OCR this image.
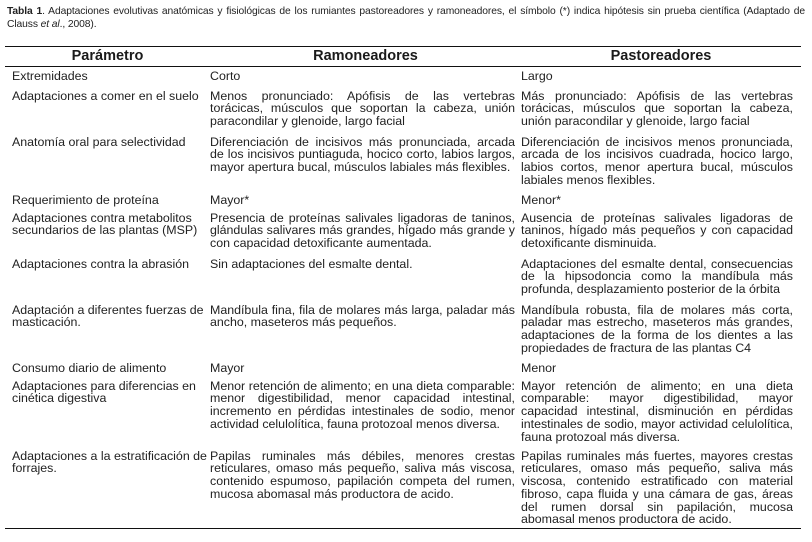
Tabla 1. Adaptaciones evolutivas anatómicas y fisiológicas de los rumiantes pastoreadores y ramoneadores, el símbolo (*) indica hipótesis sin prueba científica (Adaptado de Clauss et al., 2008).
Parámetro	Ramoneadores	Pastoreadores
Extremidades	Corto	Largo
Adaptaciones a comer en el suelo	Menos pronunciado: Apófisis de las vertebras torácicas, músculos que soportan la cabeza, unión paracondilar y glenoide, largo facial	Más pronunciado: Apófisis de las vertebras torácicas, músculos que soportan la cabeza, unión paracondilar y glenoide, largo facial
Anatomía oral para selectividad	Diferenciación de incisivos más pronunciada, arcada de los incisivos puntiaguda, hocico corto, labios largos, mayor apertura bucal, músculos labiales más flexibles.	Diferenciación de incisivos menos pronunciada, arcada de los incisivos cuadrada, hocico largo, labios cortos, menor apertura bucal, músculos labiales menos flexibles.
Requerimiento de proteína	Mayor*	Menor*
Adaptaciones contra metabolitos secundarios de las plantas (MSP)	Presencia de proteínas salivales ligadoras de taninos, glándulas salivares más grandes, hígado más grande y con capacidad detoxificante aumentada.	Ausencia de proteínas salivales ligadoras de taninos, hígado más pequeños y con capacidad detoxificante disminuida.
Adaptaciones contra la abrasión	Sin adaptaciones del esmalte dental.	Adaptaciones del esmalte dental, consecuencias de la hipsodoncia como la mandíbula más profunda, desplazamiento posterior de la órbita
Adaptación a diferentes fuerzas de masticación.	Mandíbula fina, fila de molares más larga, paladar más ancho, maseteros más pequeños.	Mandíbula robusta, fila de molares más corta, paladar mas estrecho, maseteros más grandes, adaptaciones de la forma de los dientes a las propiedades de fractura de las plantas C4
Consumo diario de alimento	Mayor	Menor
Adaptaciones para diferencias en cinética digestiva	Menor retención de alimento; en una dieta comparable: menor digestibilidad, menor capacidad intestinal, incremento en pérdidas intestinales de sodio, menor actividad celulolítica, fauna protozoal menos diversa.	Mayor retención de alimento; en una dieta comparable: mayor digestibilidad, mayor capacidad intestinal, disminución en pérdidas intestinales de sodio, mayor actividad celulolítica, fauna protozoal más diversa.
Adaptaciones a la estratificación de forrajes.	Papilas ruminales más débiles, menores crestas reticulares, omaso más pequeño, saliva más viscosa, contenido espumoso, papilación competa del rumen, mucosa abomasal más productora de acido.	Papilas ruminales más fuertes, mayores crestas reticulares, omaso más pequeño, saliva más viscosa, contenido estratificado con material fibroso, capa fluida y una cámara de gas, áreas del rumen dorsal sin papilación, mucosa abomasal menos productora de acido.
